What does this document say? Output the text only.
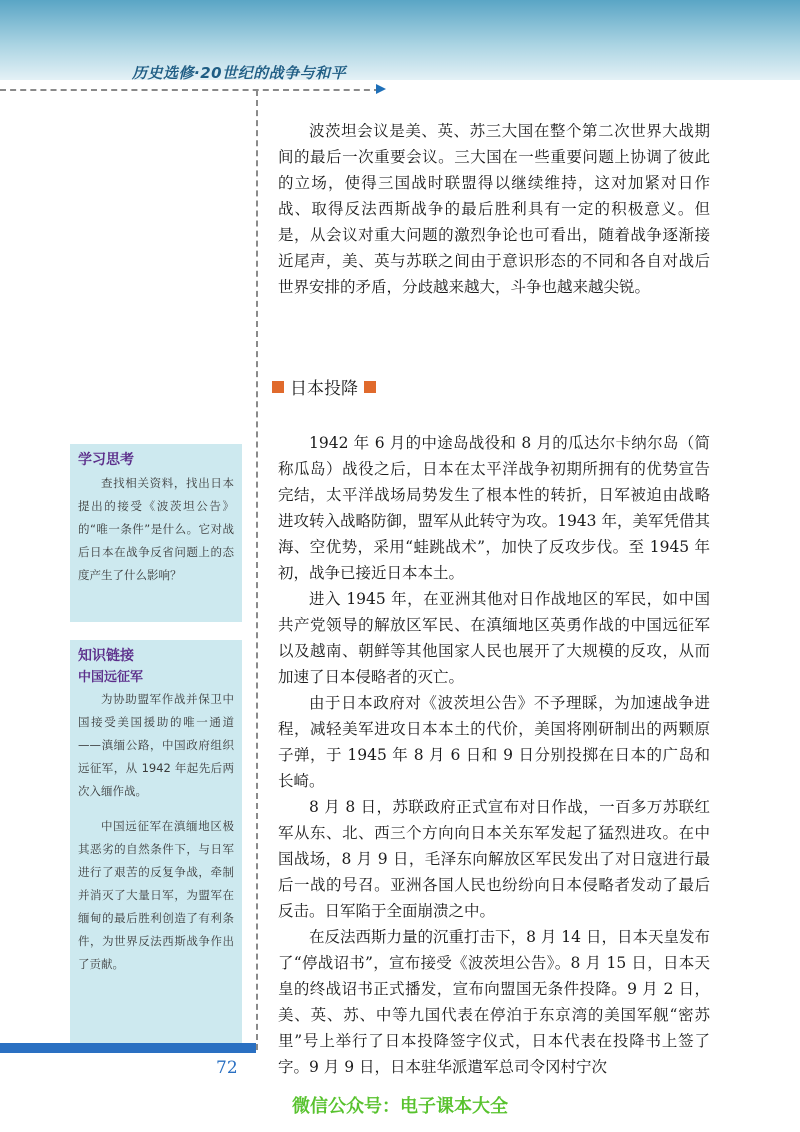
历史选修·20世纪的战争与和平

波茨坦会议是美、英、苏三大国在整个第二次世界大战期间的最后一次重要会议。三大国在一些重要问题上协调了彼此的立场，使得三国战时联盟得以继续维持，这对加紧对日作战、取得反法西斯战争的最后胜利具有一定的积极意义。但是，从会议对重大问题的激烈争论也可看出，随着战争逐渐接近尾声，美、英与苏联之间由于意识形态的不同和各自对战后世界安排的矛盾，分歧越来越大，斗争也越来越尖锐。

日本投降

1942 年 6 月的中途岛战役和 8 月的瓜达尔卡纳尔岛（简称瓜岛）战役之后，日本在太平洋战争初期所拥有的优势宣告完结，太平洋战场局势发生了根本性的转折，日军被迫由战略进攻转入战略防御，盟军从此转守为攻。1943 年，美军凭借其海、空优势，采用“蛙跳战术”，加快了反攻步伐。至 1945 年初，战争已接近日本本土。

进入 1945 年，在亚洲其他对日作战地区的军民，如中国共产党领导的解放区军民、在滇缅地区英勇作战的中国远征军以及越南、朝鲜等其他国家人民也展开了大规模的反攻，从而加速了日本侵略者的灭亡。

由于日本政府对《波茨坦公告》不予理睬，为加速战争进程，减轻美军进攻日本本土的代价，美国将刚研制出的两颗原子弹，于 1945 年 8 月 6 日和 9 日分别投掷在日本的广岛和长崎。

8 月 8 日，苏联政府正式宣布对日作战，一百多万苏联红军从东、北、西三个方向向日本关东军发起了猛烈进攻。在中国战场，8 月 9 日，毛泽东向解放区军民发出了对日寇进行最后一战的号召。亚洲各国人民也纷纷向日本侵略者发动了最后反击。日军陷于全面崩溃之中。

在反法西斯力量的沉重打击下，8 月 14 日，日本天皇发布了“停战诏书”，宣布接受《波茨坦公告》。8 月 15 日，日本天皇的终战诏书正式播发，宣布向盟国无条件投降。9 月 2 日，美、英、苏、中等九国代表在停泊于东京湾的美国军舰“密苏里”号上举行了日本投降签字仪式，日本代表在投降书上签了字。9 月 9 日，日本驻华派遣军总司令冈村宁次

学习思考

查找相关资料，找出日本提出的接受《波茨坦公告》的“唯一条件”是什么。它对战后日本在战争反省问题上的态度产生了什么影响？

知识链接
中国远征军

为协助盟军作战并保卫中国接受美国援助的唯一通道——滇缅公路，中国政府组织远征军，从 1942 年起先后两次入缅作战。

中国远征军在滇缅地区极其恶劣的自然条件下，与日军进行了艰苦的反复争战，牵制并消灭了大量日军，为盟军在缅甸的最后胜利创造了有利条件，为世界反法西斯战争作出了贡献。

72
微信公众号：电子课本大全
